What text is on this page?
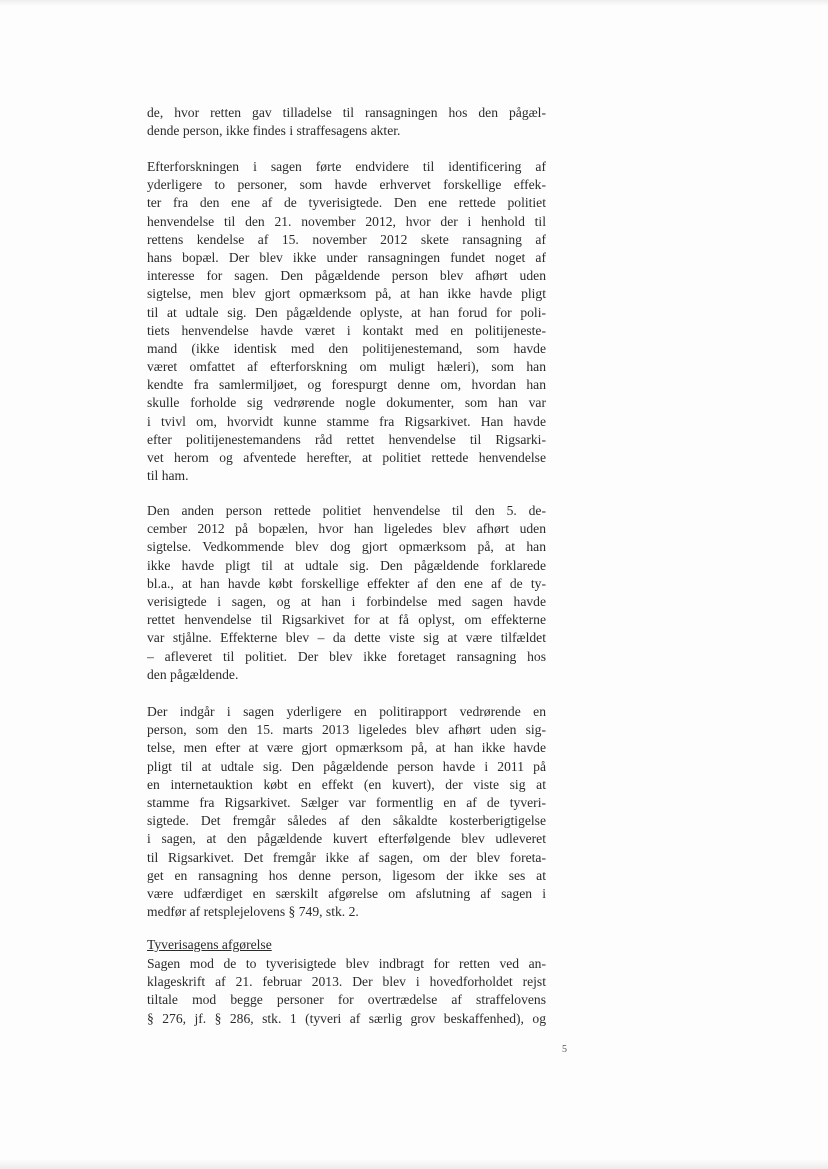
de, hvor retten gav tilladelse til ransagningen hos den pågæl-
dende person, ikke findes i straffesagens akter.
Efterforskningen i sagen førte endvidere til identificering af
yderligere to personer, som havde erhvervet forskellige effek-
ter fra den ene af de tyverisigtede. Den ene rettede politiet
henvendelse til den 21. november 2012, hvor der i henhold til
rettens kendelse af 15. november 2012 skete ransagning af
hans bopæl. Der blev ikke under ransagningen fundet noget af
interesse for sagen. Den pågældende person blev afhørt uden
sigtelse, men blev gjort opmærksom på, at han ikke havde pligt
til at udtale sig. Den pågældende oplyste, at han forud for poli-
tiets henvendelse havde været i kontakt med en politijeneste-
mand (ikke identisk med den politijenestemand, som havde
været omfattet af efterforskning om muligt hæleri), som han
kendte fra samlermiljøet, og forespurgt denne om, hvordan han
skulle forholde sig vedrørende nogle dokumenter, som han var
i tvivl om, hvorvidt kunne stamme fra Rigsarkivet. Han havde
efter politijenestemandens råd rettet henvendelse til Rigsarki-
vet herom og afventede herefter, at politiet rettede henvendelse
til ham.
Den anden person rettede politiet henvendelse til den 5. de-
cember 2012 på bopælen, hvor han ligeledes blev afhørt uden
sigtelse. Vedkommende blev dog gjort opmærksom på, at han
ikke havde pligt til at udtale sig. Den pågældende forklarede
bl.a., at han havde købt forskellige effekter af den ene af de ty-
verisigtede i sagen, og at han i forbindelse med sagen havde
rettet henvendelse til Rigsarkivet for at få oplyst, om effekterne
var stjålne. Effekterne blev – da dette viste sig at være tilfældet
– afleveret til politiet. Der blev ikke foretaget ransagning hos
den pågældende.
Der indgår i sagen yderligere en politirapport vedrørende en
person, som den 15. marts 2013 ligeledes blev afhørt uden sig-
telse, men efter at være gjort opmærksom på, at han ikke havde
pligt til at udtale sig. Den pågældende person havde i 2011 på
en internetauktion købt en effekt (en kuvert), der viste sig at
stamme fra Rigsarkivet. Sælger var formentlig en af de tyveri-
sigtede. Det fremgår således af den såkaldte kosterberigtigelse
i sagen, at den pågældende kuvert efterfølgende blev udleveret
til Rigsarkivet. Det fremgår ikke af sagen, om der blev foreta-
get en ransagning hos denne person, ligesom der ikke ses at
være udfærdiget en særskilt afgørelse om afslutning af sagen i
medfør af retsplejelovens § 749, stk. 2.
Tyverisagens afgørelse
Sagen mod de to tyverisigtede blev indbragt for retten ved an-
klageskrift af 21. februar 2013. Der blev i hovedforholdet rejst
tiltale mod begge personer for overtrædelse af straffelovens
§ 276, jf. § 286, stk. 1 (tyveri af særlig grov beskaffenhed), og
5
